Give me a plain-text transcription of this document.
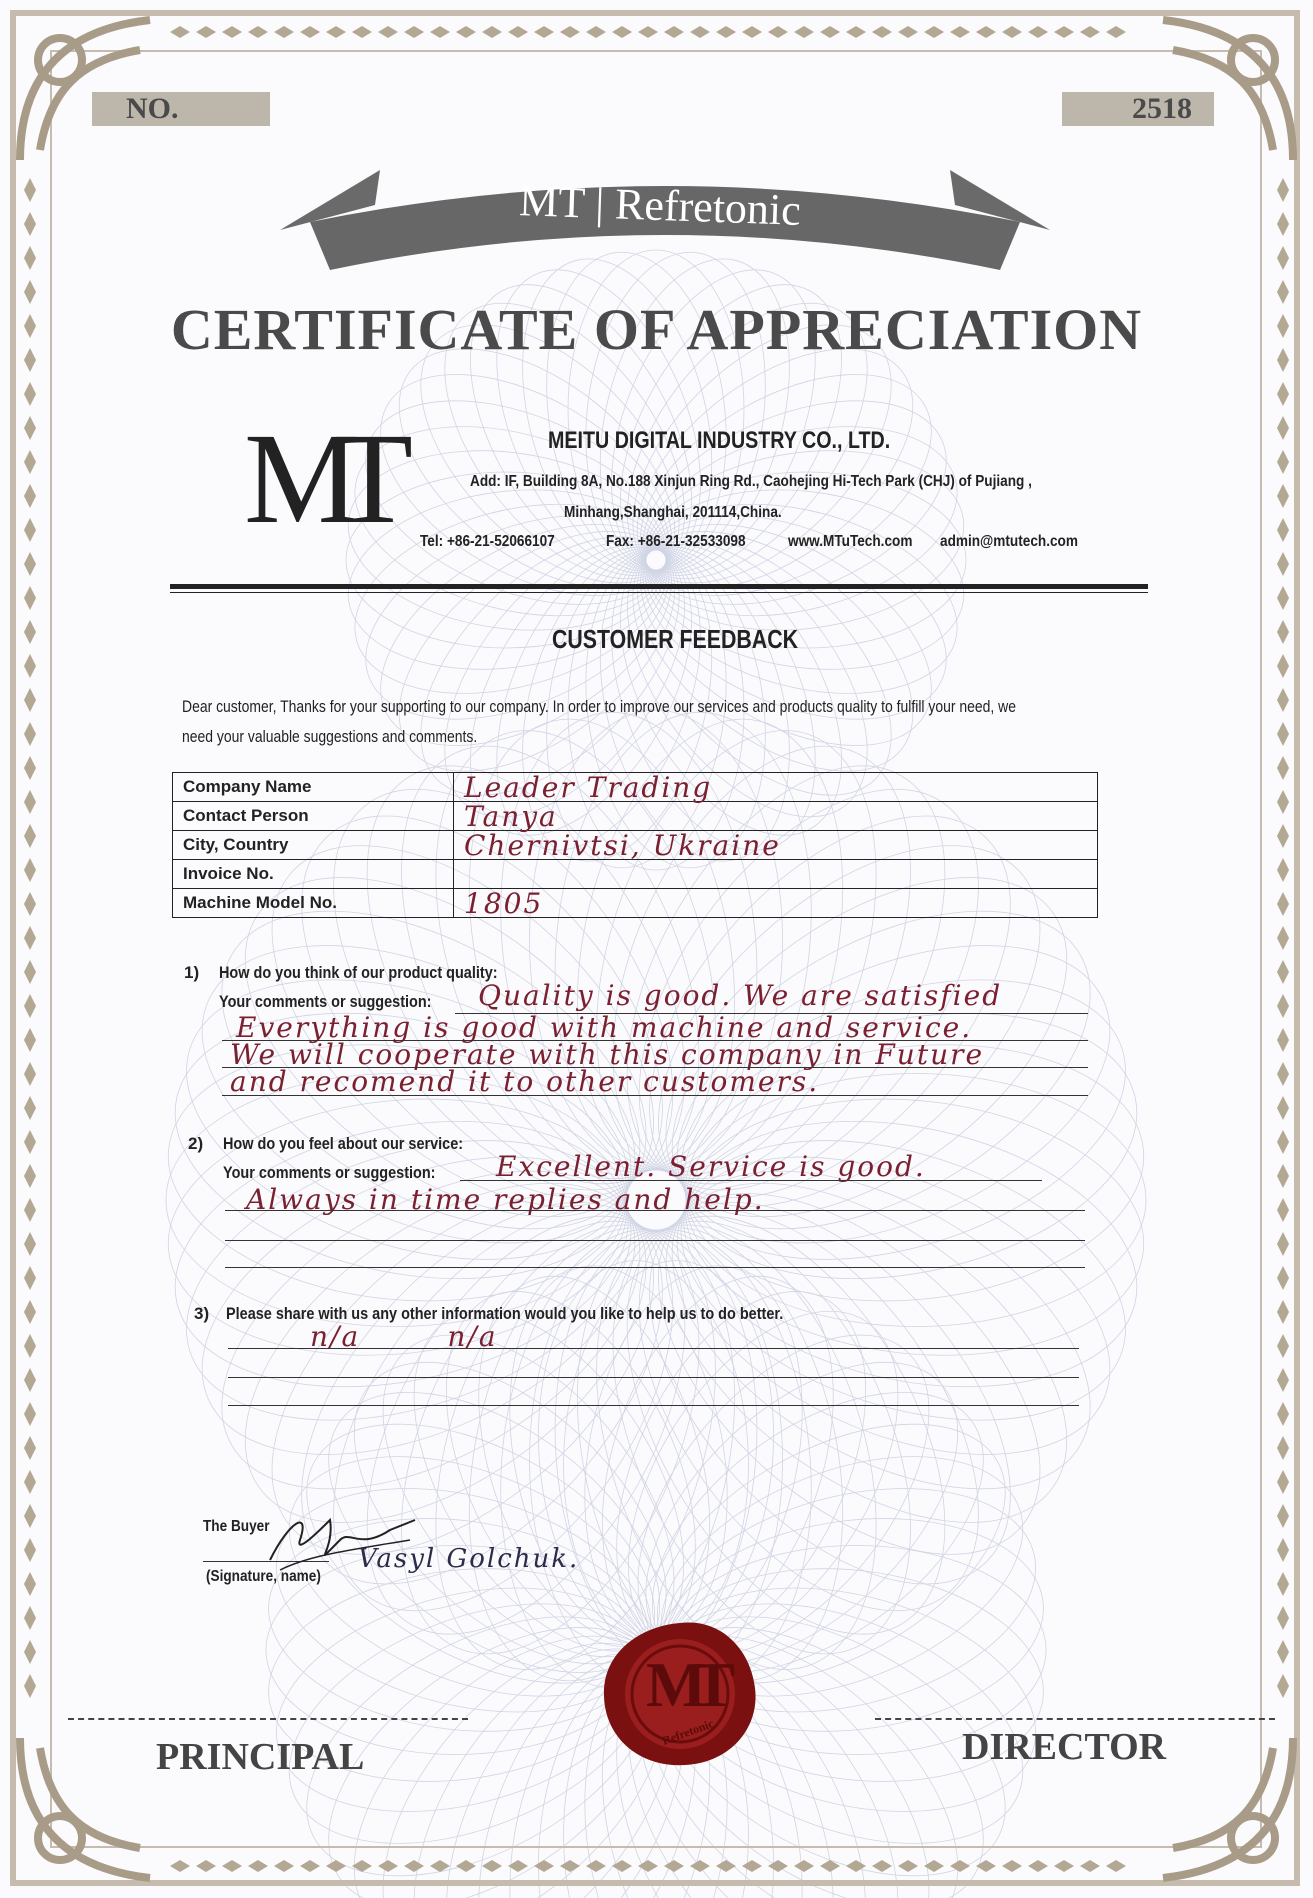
NO.	2518
MT | Refretonic
CERTIFICATE OF APPRECIATION
MT	MEITU DIGITAL INDUSTRY CO., LTD.
Add: IF, Building 8A, No.188 Xinjun Ring Rd., Caohejing Hi-Tech Park (CHJ) of Pujiang ,
Minhang,Shanghai, 201114,China.
Tel: +86-21-52066107	Fax: +86-21-32533098	www.MTuTech.com admin@mtutech.com
CUSTOMER FEEDBACK
Dear customer, Thanks for your supporting to our company. In order to improve our services and products quality to fulfill your need, we
need your valuable suggestions and comments.
Company Name	Leader Trading

Contact Person	Tanya

City, Country	Chernivtsi, Ukraine

Invoice No.	

Machine Model No.	1805
1) How do you think of our product quality:
Your comments or suggestion: Quality is good. We are satisfied
Everything is good with machine and service.
We will cooperate with this company in Future
and recomend it to other customers.
2) How do you feel about our service:
Your comments or suggestion: Excellent. Service is good.
Always in time replies and help.
3) Please share with us any other information would you like to help us to do better.
n/a        n/a
The Buyer
(Signature, name)
Vasyl Golchuk.
PRINCIPAL	DIRECTOR
MT
Refretonic
